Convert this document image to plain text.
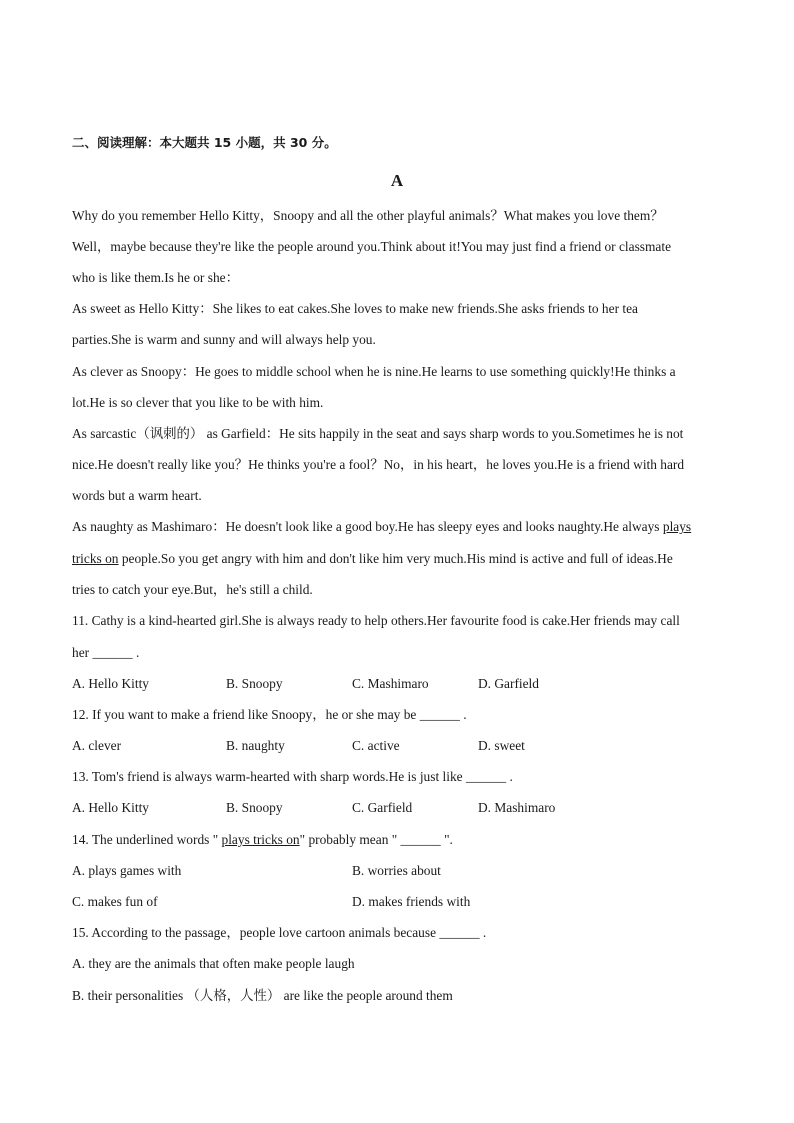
二、阅读理解：本大题共 15 小题，共 30 分。
A
Why do you remember Hello Kitty，Snoopy and all the other playful animals？What makes you love them？
Well，maybe because they're like the people around you.Think about it!You may just find a friend or classmate
who is like them.Is he or she：
As sweet as Hello Kitty：She likes to eat cakes.She loves to make new friends.She asks friends to her tea
parties.She is warm and sunny and will always help you.
As clever as Snoopy：He goes to middle school when he is nine.He learns to use something quickly!He thinks a
lot.He is so clever that you like to be with him.
As sarcastic（讽刺的） as Garfield：He sits happily in the seat and says sharp words to you.Sometimes he is not
nice.He doesn't really like you？He thinks you're a fool？No，in his heart，he loves you.He is a friend with hard
words but a warm heart.
As naughty as Mashimaro：He doesn't look like a good boy.He has sleepy eyes and looks naughty.He always plays
tricks on people.So you get angry with him and don't like him very much.His mind is active and full of ideas.He
tries to catch your eye.But，he's still a child.
11. Cathy is a kind-hearted girl.She is always ready to help others.Her favourite food is cake.Her friends may call
her ______ .
A. Hello Kitty	B. Snoopy	C. Mashimaro	D. Garfield
12. If you want to make a friend like Snoopy，he or she may be ______ .
A. clever	B. naughty	C. active	D. sweet
13. Tom's friend is always warm-hearted with sharp words.He is just like ______ .
A. Hello Kitty	B. Snoopy	C. Garfield	D. Mashimaro
14. The underlined words " plays tricks on" probably mean " ______ ".
A. plays games with	B. worries about
C. makes fun of	D. makes friends with
15. According to the passage，people love cartoon animals because ______ .
A. they are the animals that often make people laugh
B. their personalities （人格，人性） are like the people around them
